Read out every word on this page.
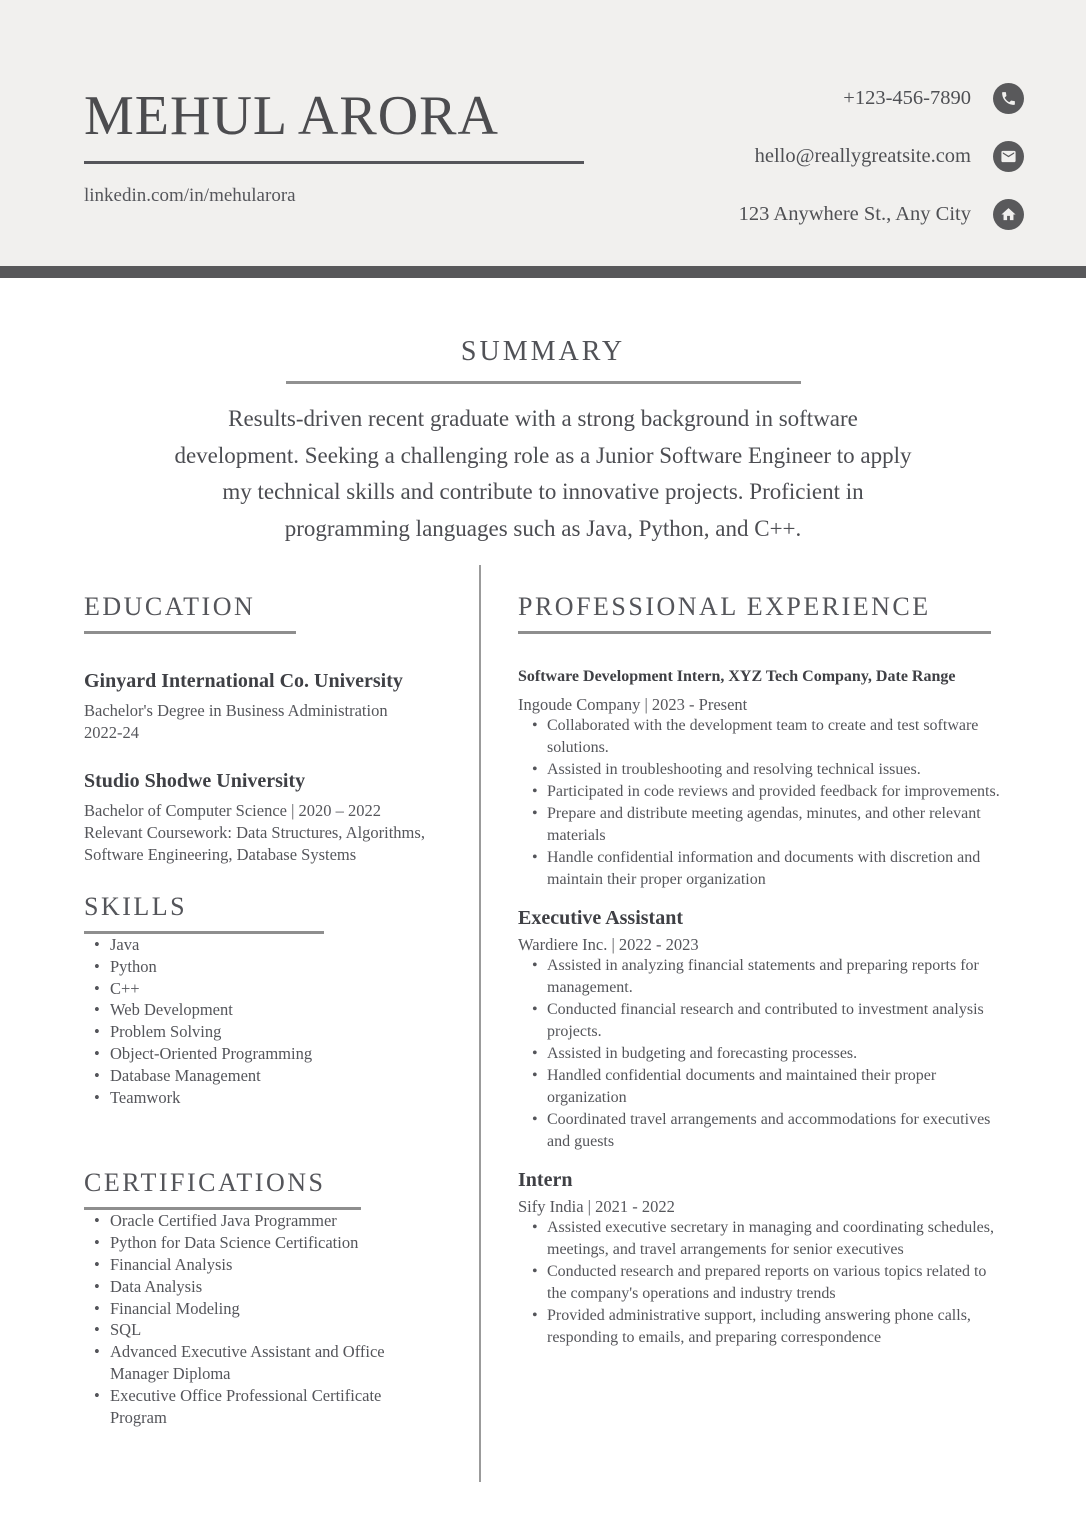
MEHUL ARORA
linkedin.com/in/mehularora
+123-456-7890
hello@reallygreatsite.com
123 Anywhere St., Any City
SUMMARY
Results-driven recent graduate with a strong background in software
development. Seeking a challenging role as a Junior Software Engineer to apply
my technical skills and contribute to innovative projects. Proficient in
programming languages such as Java, Python, and C++.
EDUCATION
Ginyard International Co. University
Bachelor's Degree in Business Administration
2022-24
Studio Shodwe University
Bachelor of Computer Science | 2020 – 2022
Relevant Coursework: Data Structures, Algorithms, Software Engineering, Database Systems
SKILLS
• Java
• Python
• C++
• Web Development
• Problem Solving
• Object-Oriented Programming
• Database Management
• Teamwork
CERTIFICATIONS
• Oracle Certified Java Programmer
• Python for Data Science Certification
• Financial Analysis
• Data Analysis
• Financial Modeling
• SQL
• Advanced Executive Assistant and Office Manager Diploma
• Executive Office Professional Certificate Program
PROFESSIONAL EXPERIENCE
Software Development Intern, XYZ Tech Company, Date Range
Ingoude Company | 2023 - Present
• Collaborated with the development team to create and test software solutions.
• Assisted in troubleshooting and resolving technical issues.
• Participated in code reviews and provided feedback for improvements.
• Prepare and distribute meeting agendas, minutes, and other relevant materials
• Handle confidential information and documents with discretion and maintain their proper organization
Executive Assistant
Wardiere Inc. | 2022 - 2023
• Assisted in analyzing financial statements and preparing reports for management.
• Conducted financial research and contributed to investment analysis projects.
• Assisted in budgeting and forecasting processes.
• Handled confidential documents and maintained their proper organization
• Coordinated travel arrangements and accommodations for executives and guests
Intern
Sify India | 2021 - 2022
• Assisted executive secretary in managing and coordinating schedules, meetings, and travel arrangements for senior executives
• Conducted research and prepared reports on various topics related to the company's operations and industry trends
• Provided administrative support, including answering phone calls, responding to emails, and preparing correspondence
